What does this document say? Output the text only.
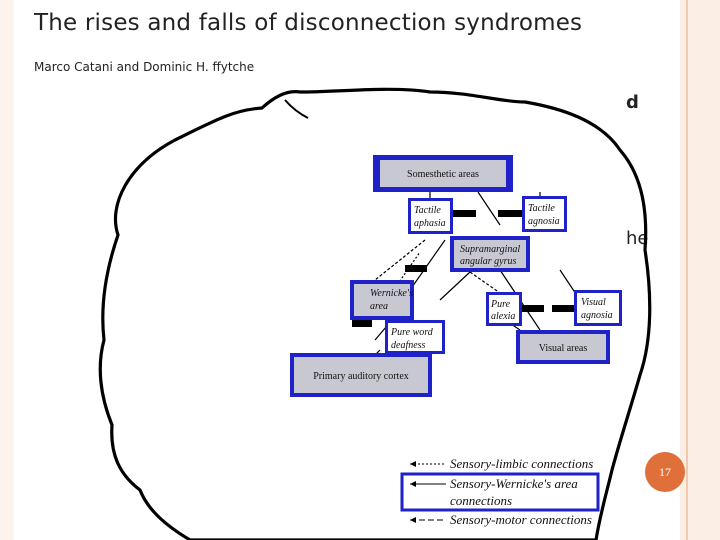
The rises and falls of disconnection syndromes
Marco Catani and Dominic H. ffytche
d
he
Somesthetic areas
Tactile
aphasia
Tactile
agnosia
Supramarginal
angular gyrus
Wernicke's
area	Pure
alexia
Visual
agnosia
Pure word
deafness	Visual areas
Primary auditory cortex
Sensory-limbic connections
Sensory-Wernicke's area
connections
Sensory-motor connections
17
